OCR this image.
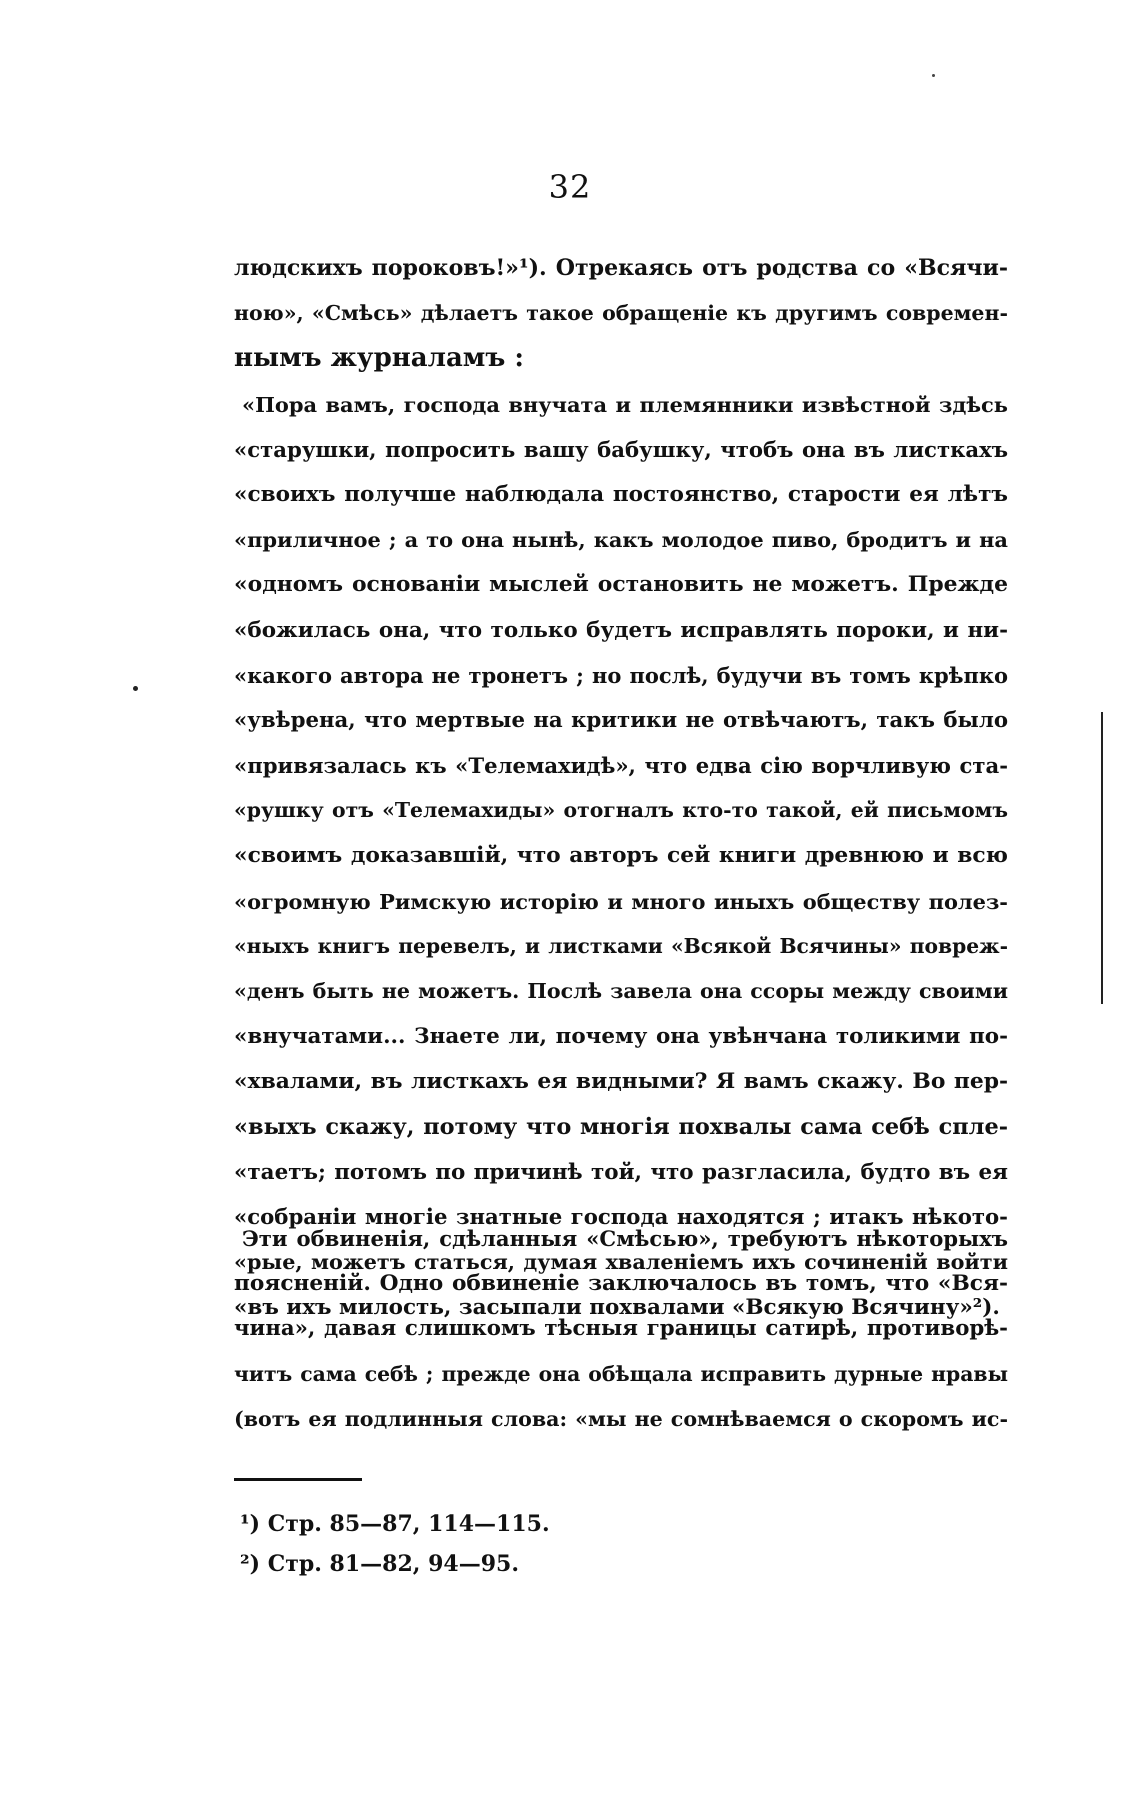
32
людскихъ пороковъ!»¹). Отрекаясь отъ родства со «Всячи-
ною», «Смѣсь» дѣлаетъ такое обращеніе къ другимъ современ-
нымъ журналамъ :
«Пора вамъ, господа внучата и племянники извѣстной здѣсь
«старушки, попросить вашу бабушку, чтобъ она въ листкахъ
«своихъ получше наблюдала постоянство, старости ея лѣтъ
«приличное ; а то она нынѣ, какъ молодое пиво, бродитъ и на
«одномъ основаніи мыслей остановить не можетъ. Прежде
«божилась она, что только будетъ исправлять пороки, и ни-
«какого автора не тронетъ ; но послѣ, будучи въ томъ крѣпко
«увѣрена, что мертвые на критики не отвѣчаютъ, такъ было
«привязалась къ «Телемахидѣ», что едва сію ворчливую ста-
«рушку отъ «Телемахиды» отогналъ кто-то такой, ей письмомъ
«своимъ доказавшій, что авторъ сей книги древнюю и всю
«огромную Римскую исторію и много иныхъ обществу полез-
«ныхъ книгъ перевелъ, и листками «Всякой Всячины» повреж-
«денъ быть не можетъ. Послѣ завела она ссоры между своими
«внучатами... Знаете ли, почему она увѣнчана толикими по-
«хвалами, въ листкахъ ея видными? Я вамъ скажу. Во пер-
«выхъ скажу, потому что многія похвалы сама себѣ спле-
«таетъ; потомъ по причинѣ той, что разгласила, будто въ ея
«собраніи многіе знатные господа находятся ; итакъ нѣкото-
«рые, можетъ статься, думая хваленіемъ ихъ сочиненій войти
«въ ихъ милость, засыпали похвалами «Всякую Всячину»²).
Эти обвиненія, сдѣланныя «Смѣсью», требуютъ нѣкоторыхъ
поясненій. Одно обвиненіе заключалось въ томъ, что «Вся-
чина», давая слишкомъ тѣсныя границы сатирѣ, противорѣ-
читъ сама себѣ ; прежде она обѣщала исправить дурные нравы
(вотъ ея подлинныя слова: «мы не сомнѣваемся о скоромъ ис-
¹) Стр. 85—87, 114—115.
²) Стр. 81—82, 94—95.
